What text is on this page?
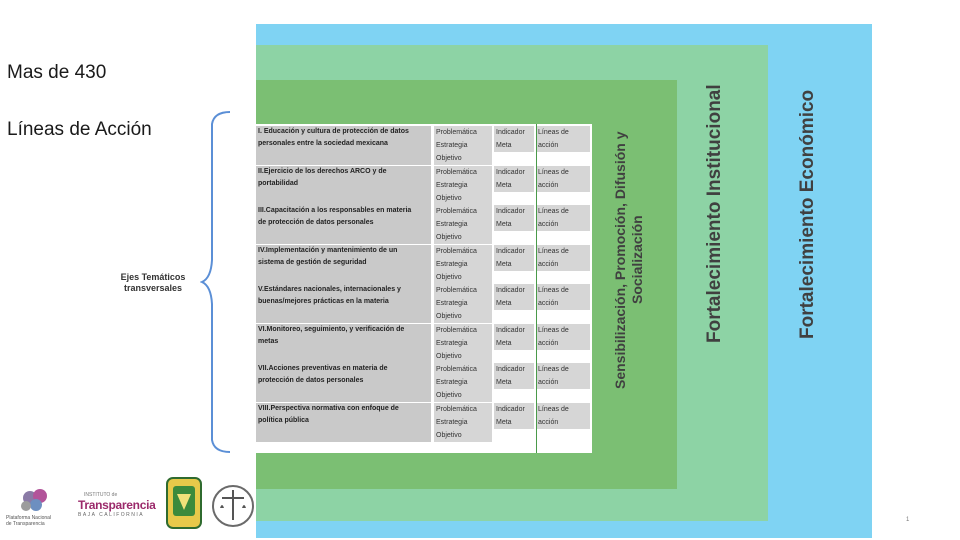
Mas de 430
Líneas de Acción
Ejes Temáticos
transversales	Fortalecimiento Económico
Fortalecimiento Institucional
Sensibilización, Promoción, Difusión y Socialización
I. Educación y cultura de protección de datos
personales entre la sociedad mexicana
Problemática
Estrategia
Objetivo
Indicador
Meta
Líneas de
acción
II.Ejercicio de los derechos ARCO y de
portabilidad
Problemática
Estrategia
Objetivo
Indicador
Meta
Líneas de
acción
III.Capacitación a los responsables en materia
de protección de datos personales
Problemática
Estrategia
Objetivo
Indicador
Meta
Líneas de
acción
IV.Implementación y mantenimiento de un
sistema de gestión de seguridad
Problemática
Estrategia
Objetivo
Indicador
Meta
Líneas de
acción
V.Estándares nacionales, internacionales y
buenas/mejores prácticas en la materia
Problemática
Estrategia
Objetivo
Indicador
Meta
Líneas de
acción
VI.Monitoreo, seguimiento, y verificación de
metas
Problemática
Estrategia
Objetivo
Indicador
Meta
Líneas de
acción
VII.Acciones preventivas en materia de
protección de datos personales
Problemática
Estrategia
Objetivo
Indicador
Meta
Líneas de
acción
VIII.Perspectiva normativa con enfoque de
política pública
Problemática
Estrategia
Objetivo
Indicador
Meta
Líneas de
acción
Plataforma Nacional
de Transparencia
INSTITUTO de
Transparencia
BAJA CALIFORNIA
1
